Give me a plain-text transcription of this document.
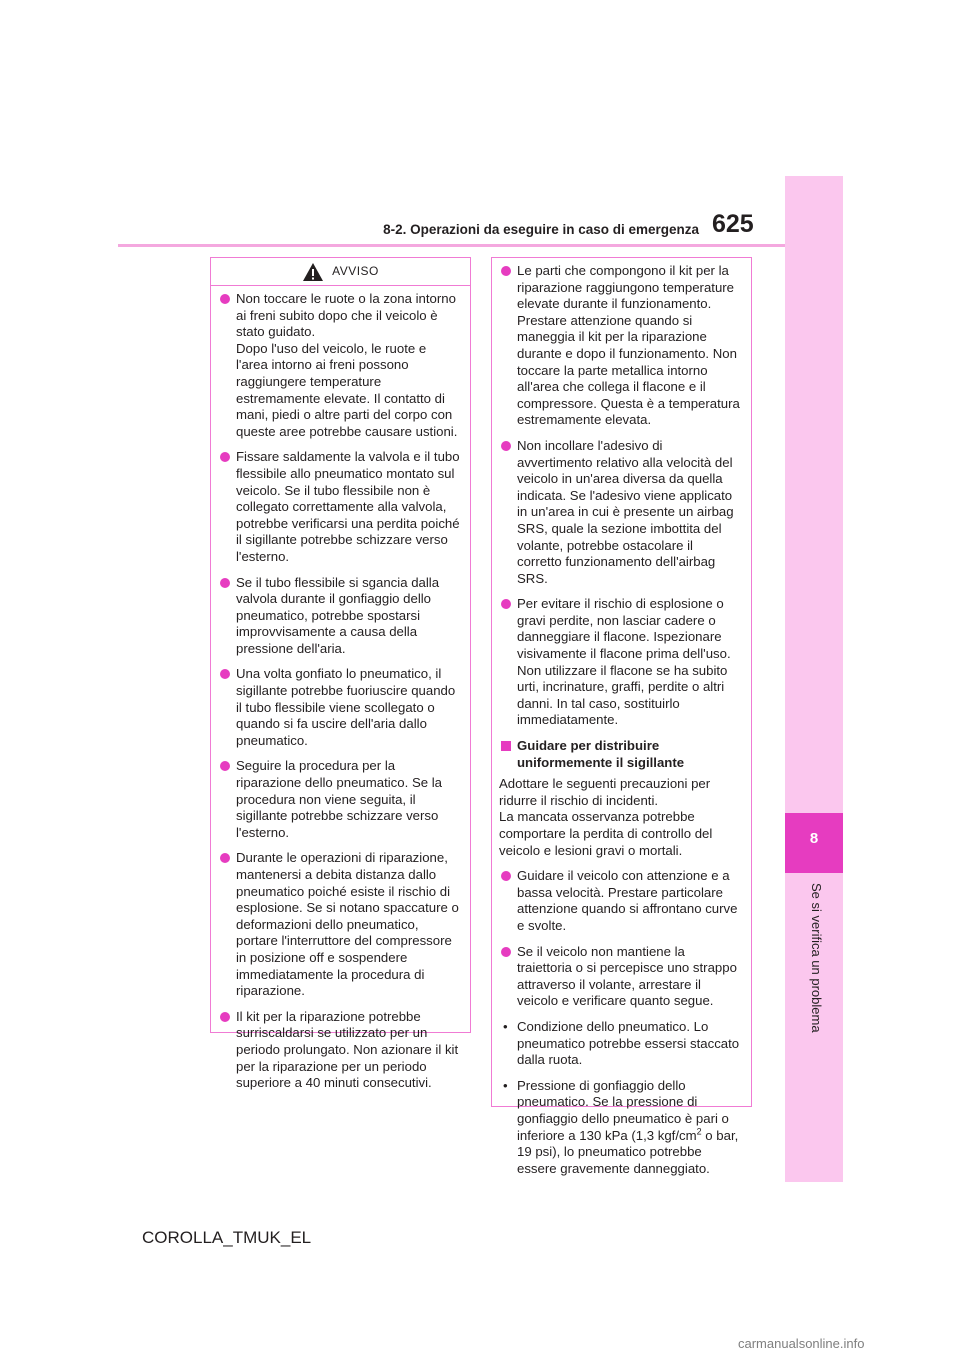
8
Se si verifica un problema
8-2. Operazioni da eseguire in caso di emergenza 625
AVVISO
Non toccare le ruote o la zona intorno ai freni subito dopo che il veicolo è stato guidato.
Dopo l'uso del veicolo, le ruote e l'area intorno ai freni possono raggiungere temperature estremamente elevate. Il contatto di mani, piedi o altre parti del corpo con queste aree potrebbe causare ustioni.
Fissare saldamente la valvola e il tubo flessibile allo pneumatico montato sul veicolo. Se il tubo flessibile non è collegato correttamente alla valvola, potrebbe verificarsi una perdita poiché il sigillante potrebbe schizzare verso l'esterno.
Se il tubo flessibile si sgancia dalla valvola durante il gonfiaggio dello pneumatico, potrebbe spostarsi improvvisamente a causa della pressione dell'aria.
Una volta gonfiato lo pneumatico, il sigillante potrebbe fuoriuscire quando il tubo flessibile viene scollegato o quando si fa uscire dell'aria dallo pneumatico.
Seguire la procedura per la riparazione dello pneumatico. Se la procedura non viene seguita, il sigillante potrebbe schizzare verso l'esterno.
Durante le operazioni di riparazione, mantenersi a debita distanza dallo pneumatico poiché esiste il rischio di esplosione. Se si notano spaccature o deformazioni dello pneumatico, portare l'interruttore del compressore in posizione off e sospendere immediatamente la procedura di riparazione.
Il kit per la riparazione potrebbe surriscaldarsi se utilizzato per un periodo prolungato. Non azionare il kit per la riparazione per un periodo superiore a 40 minuti consecutivi.
Le parti che compongono il kit per la riparazione raggiungono temperature elevate durante il funzionamento. Prestare attenzione quando si maneggia il kit per la riparazione durante e dopo il funzionamento. Non toccare la parte metallica intorno all'area che collega il flacone e il compressore. Questa è a temperatura estremamente elevata.
Non incollare l'adesivo di avvertimento relativo alla velocità del veicolo in un'area diversa da quella indicata. Se l'adesivo viene applicato in un'area in cui è presente un airbag SRS, quale la sezione imbottita del volante, potrebbe ostacolare il corretto funzionamento dell'airbag SRS.
Per evitare il rischio di esplosione o gravi perdite, non lasciar cadere o danneggiare il flacone. Ispezionare visivamente il flacone prima dell'uso. Non utilizzare il flacone se ha subito urti, incrinature, graffi, perdite o altri danni. In tal caso, sostituirlo immediatamente.
Guidare per distribuire uniformemente il sigillante
Adottare le seguenti precauzioni per ridurre il rischio di incidenti.
La mancata osservanza potrebbe comportare la perdita di controllo del veicolo e lesioni gravi o mortali.
Guidare il veicolo con attenzione e a bassa velocità. Prestare particolare attenzione quando si affrontano curve e svolte.
Se il veicolo non mantiene la traiettoria o si percepisce uno strappo attraverso il volante, arrestare il veicolo e verificare quanto segue.
• Condizione dello pneumatico. Lo pneumatico potrebbe essersi staccato dalla ruota.
• Pressione di gonfiaggio dello pneumatico. Se la pressione di gonfiaggio dello pneumatico è pari o inferiore a 130 kPa (1,3 kgf/$cm^2$ o bar, 19 psi), lo pneumatico potrebbe essere gravemente danneggiato.
COROLLA_TMUK_EL
carmanualsonline.info
